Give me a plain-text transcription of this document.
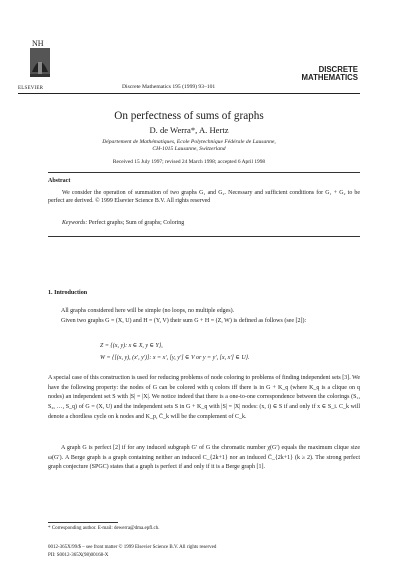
NH
ELSEVIER	Discrete Mathematics 195 (1999) 93–101
DISCRETE
MATHEMATICS
On perfectness of sums of graphs
D. de Werra*, A. Hertz
Département de Mathématiques, Ecole Polytechnique Fédérale de Lausanne,
CH-1015 Lausanne, Switzerland
Received 15 July 1997; revised 24 March 1998; accepted 6 April 1998
Abstract
We consider the operation of summation of two graphs G₁ and G₂. Necessary and sufficient conditions for G₁ + G₂ to be perfect are derived. © 1999 Elsevier Science B.V. All rights reserved
Keywords: Perfect graphs; Sum of graphs; Coloring
1. Introduction
All graphs considered here will be simple (no loops, no multiple edges).
Given two graphs G = (X, U) and H = (Y, V) their sum G + H = (Z, W) is defined as follows (see [2]):
Z = {(x, y): x ∈ X, y ∈ Y},
W = {[(x, y), (x′, y′)]: x = x′, [y, y′] ∈ V or y = y′, [x, x′] ∈ U}.
A special case of this construction is used for reducing problems of node coloring to problems of finding independent sets [3]. We have the following property: the nodes of G can be colored with q colors iff there is in G + K_q (where K_q is a clique on q nodes) an independent set S with |S| = |X|. We notice indeed that there is a one-to-one correspondence between the colorings (S₁, S₂, …, S_q) of G = (X, U) and the independent sets S in G + K_q with |S| = |X| nodes: (x, i) ∈ S if and only if x ∈ S_i. C_k will denote a chordless cycle on k nodes and K_p, C̄_k will be the complement of C_k.
A graph G is perfect [2] if for any induced subgraph G′ of G the chromatic number χ(G′) equals the maximum clique size ω(G′). A Berge graph is a graph containing neither an induced C_{2k+1} nor an induced C̄_{2k+1} (k ≥ 2). The strong perfect graph conjecture (SPGC) states that a graph is perfect if and only if it is a Berge graph [1].
* Corresponding author. E-mail: dewerra@dma.epfl.ch.
0012-365X/99/$ – see front matter © 1999 Elsevier Science B.V. All rights reserved
PII: S0012-365X(98)00168-X
